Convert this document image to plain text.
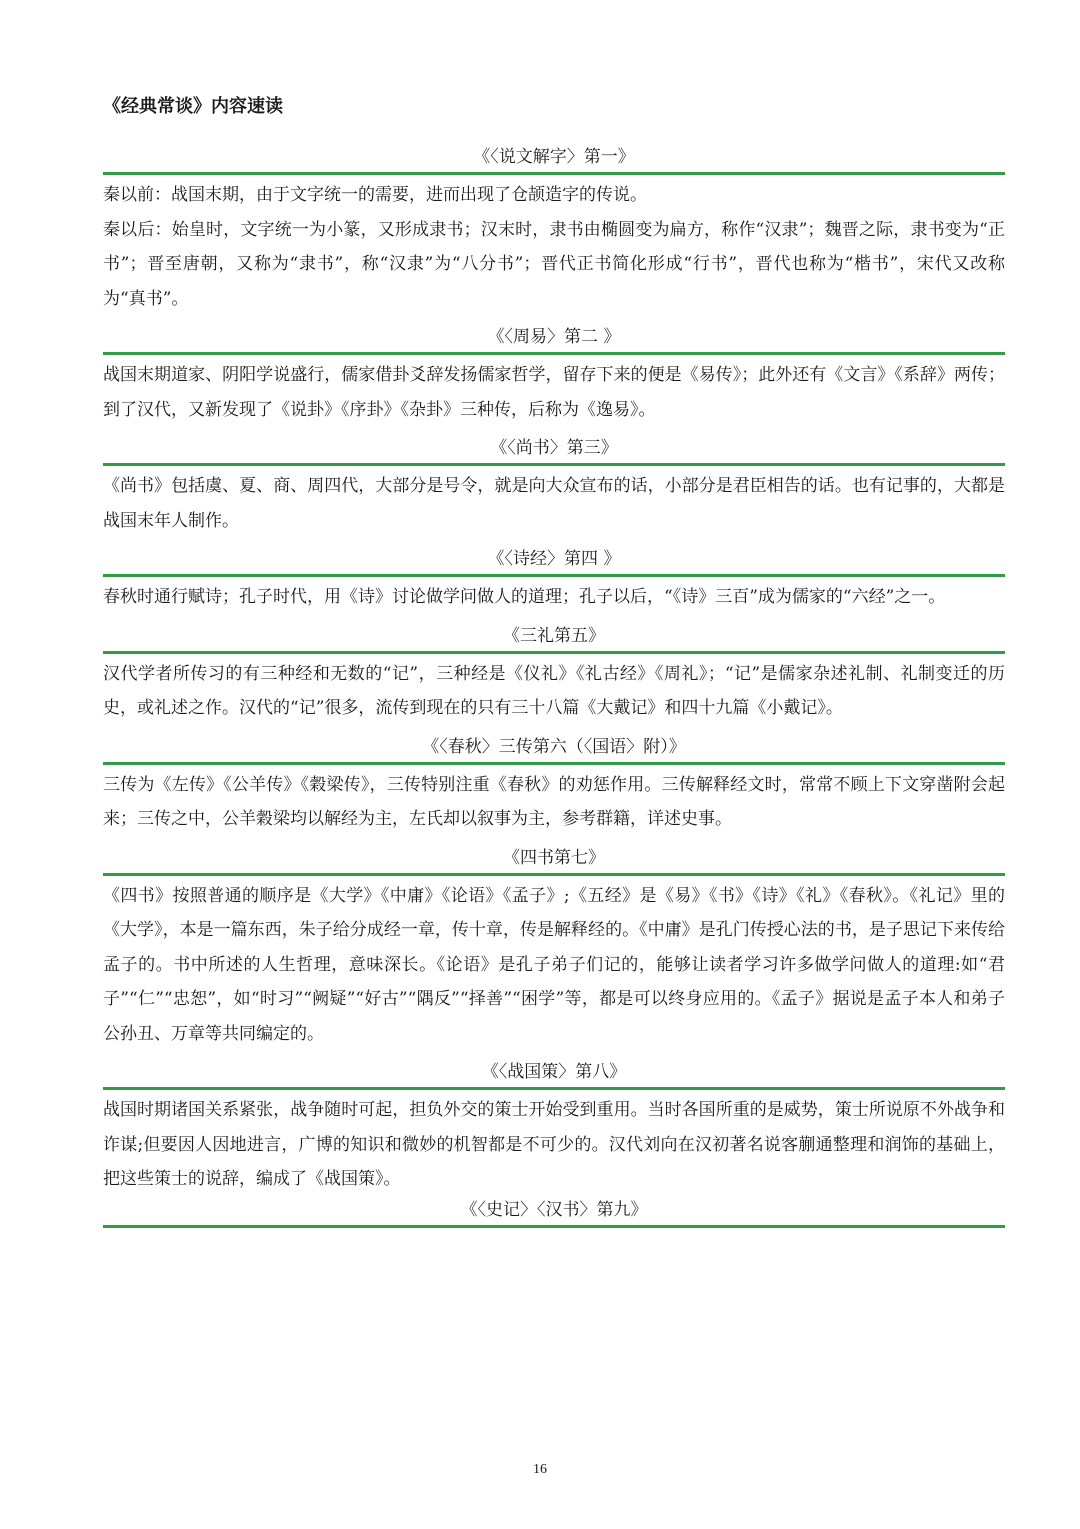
《经典常谈》内容速读
《〈说文解字〉第一》

秦以前：战国末期，由于文字统一的需要，进而出现了仓颉造字的传说。

秦以后：始皇时，文字统一为小篆，又形成隶书；汉末时，隶书由椭圆变为扁方，称作“汉隶”；魏晋之际，隶书变为“正书”；晋至唐朝，又称为“隶书”，称“汉隶”为“八分书”；晋代正书简化形成“行书”，晋代也称为“楷书”，宋代又改称为“真书”。

《〈周易〉第二 》

战国末期道家、阴阳学说盛行，儒家借卦爻辞发扬儒家哲学，留存下来的便是《易传》；此外还有《文言》《系辞》两传；到了汉代，又新发现了《说卦》《序卦》《杂卦》三种传，后称为《逸易》。

《〈尚书〉第三》

《尚书》包括虞、夏、商、周四代，大部分是号令，就是向大众宣布的话，小部分是君臣相告的话。也有记事的，大都是战国末年人制作。

《〈诗经〉第四 》

春秋时通行赋诗；孔子时代，用《诗》讨论做学问做人的道理；孔子以后，“《诗》三百”成为儒家的“六经”之一。

《三礼第五》

汉代学者所传习的有三种经和无数的“记”，三种经是《仪礼》《礼古经》《周礼》；“记”是儒家杂述礼制、礼制变迁的历史，或礼述之作。汉代的“记”很多，流传到现在的只有三十八篇《大戴记》和四十九篇《小戴记》。

《〈春秋〉三传第六（〈国语〉附）》

三传为《左传》《公羊传》《穀梁传》，三传特别注重《春秋》的劝惩作用。三传解释经文时，常常不顾上下文穿凿附会起来；三传之中，公羊穀梁均以解经为主，左氏却以叙事为主，参考群籍，详述史事。

《四书第七》

《四书》按照普通的顺序是《大学》《中庸》《论语》《孟子》;《五经》是《易》《书》《诗》《礼》《春秋》。《礼记》里的《大学》，本是一篇东西，朱子给分成经一章，传十章，传是解释经的。《中庸》是孔门传授心法的书，是子思记下来传给孟子的。书中所述的人生哲理，意味深长。《论语》是孔子弟子们记的，能够让读者学习许多做学问做人的道理:如“君子”“仁”“忠恕”，如“时习”“阙疑”“好古”“隅反”“择善”“困学”等，都是可以终身应用的。《孟子》据说是孟子本人和弟子公孙丑、万章等共同编定的。

《〈战国策〉第八》

战国时期诸国关系紧张，战争随时可起，担负外交的策士开始受到重用。当时各国所重的是威势，策士所说原不外战争和诈谋;但要因人因地进言，广博的知识和微妙的机智都是不可少的。汉代刘向在汉初著名说客蒯通整理和润饰的基础上，把这些策士的说辞，编成了《战国策》。

《〈史记〉〈汉书〉第九》
16
